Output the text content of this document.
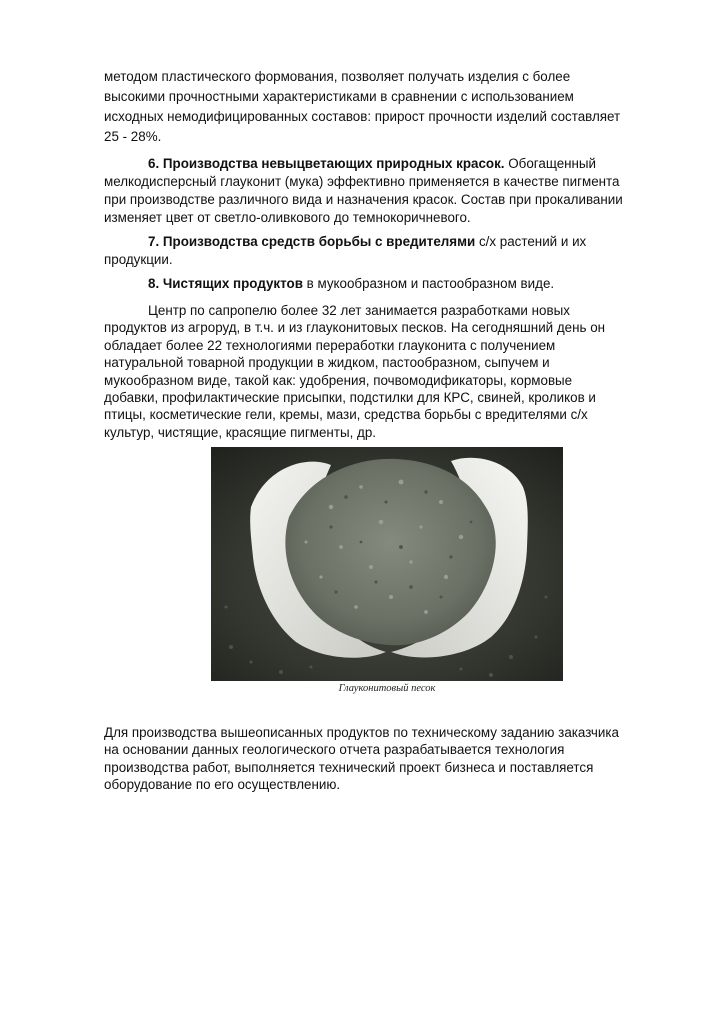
методом пластического формования, позволяет получать изделия с более
высокими прочностными характеристиками в сравнении с использованием
исходных немодифицированных составов: прирост прочности изделий составляет
25 - 28%.
6. Производства невыцветающих природных красок. Обогащенный
мелкодисперсный глауконит (мука) эффективно применяется в качестве пигмента
при производстве различного вида и назначения красок. Состав при прокаливании
изменяет цвет от светло-оливкового до темнокоричневого.
7. Производства средств борьбы с вредителями с/х растений и их
продукции.
8. Чистящих продуктов в мукообразном и пастообразном виде.
Центр по сапропелю более 32 лет занимается разработками новых
продуктов из агроруд, в т.ч. и из глауконитовых песков. На сегодняшний день он
обладает более 22 технологиями переработки глауконита с получением
натуральной товарной продукции в жидком, пастообразном, сыпучем и
мукообразном виде, такой как: удобрения, почвомодификаторы, кормовые
добавки, профилактические присыпки, подстилки для КРС, свиней, кроликов и
птицы, косметические гели, кремы, мази, средства борьбы с вредителями с/х
культур, чистящие, красящие пигменты, др.
Глауконитовый песок
Для производства вышеописанных продуктов по техническому заданию заказчика
на основании данных геологического отчета разрабатывается технология
производства работ, выполняется технический проект бизнеса и поставляется
оборудование по его осуществлению.
